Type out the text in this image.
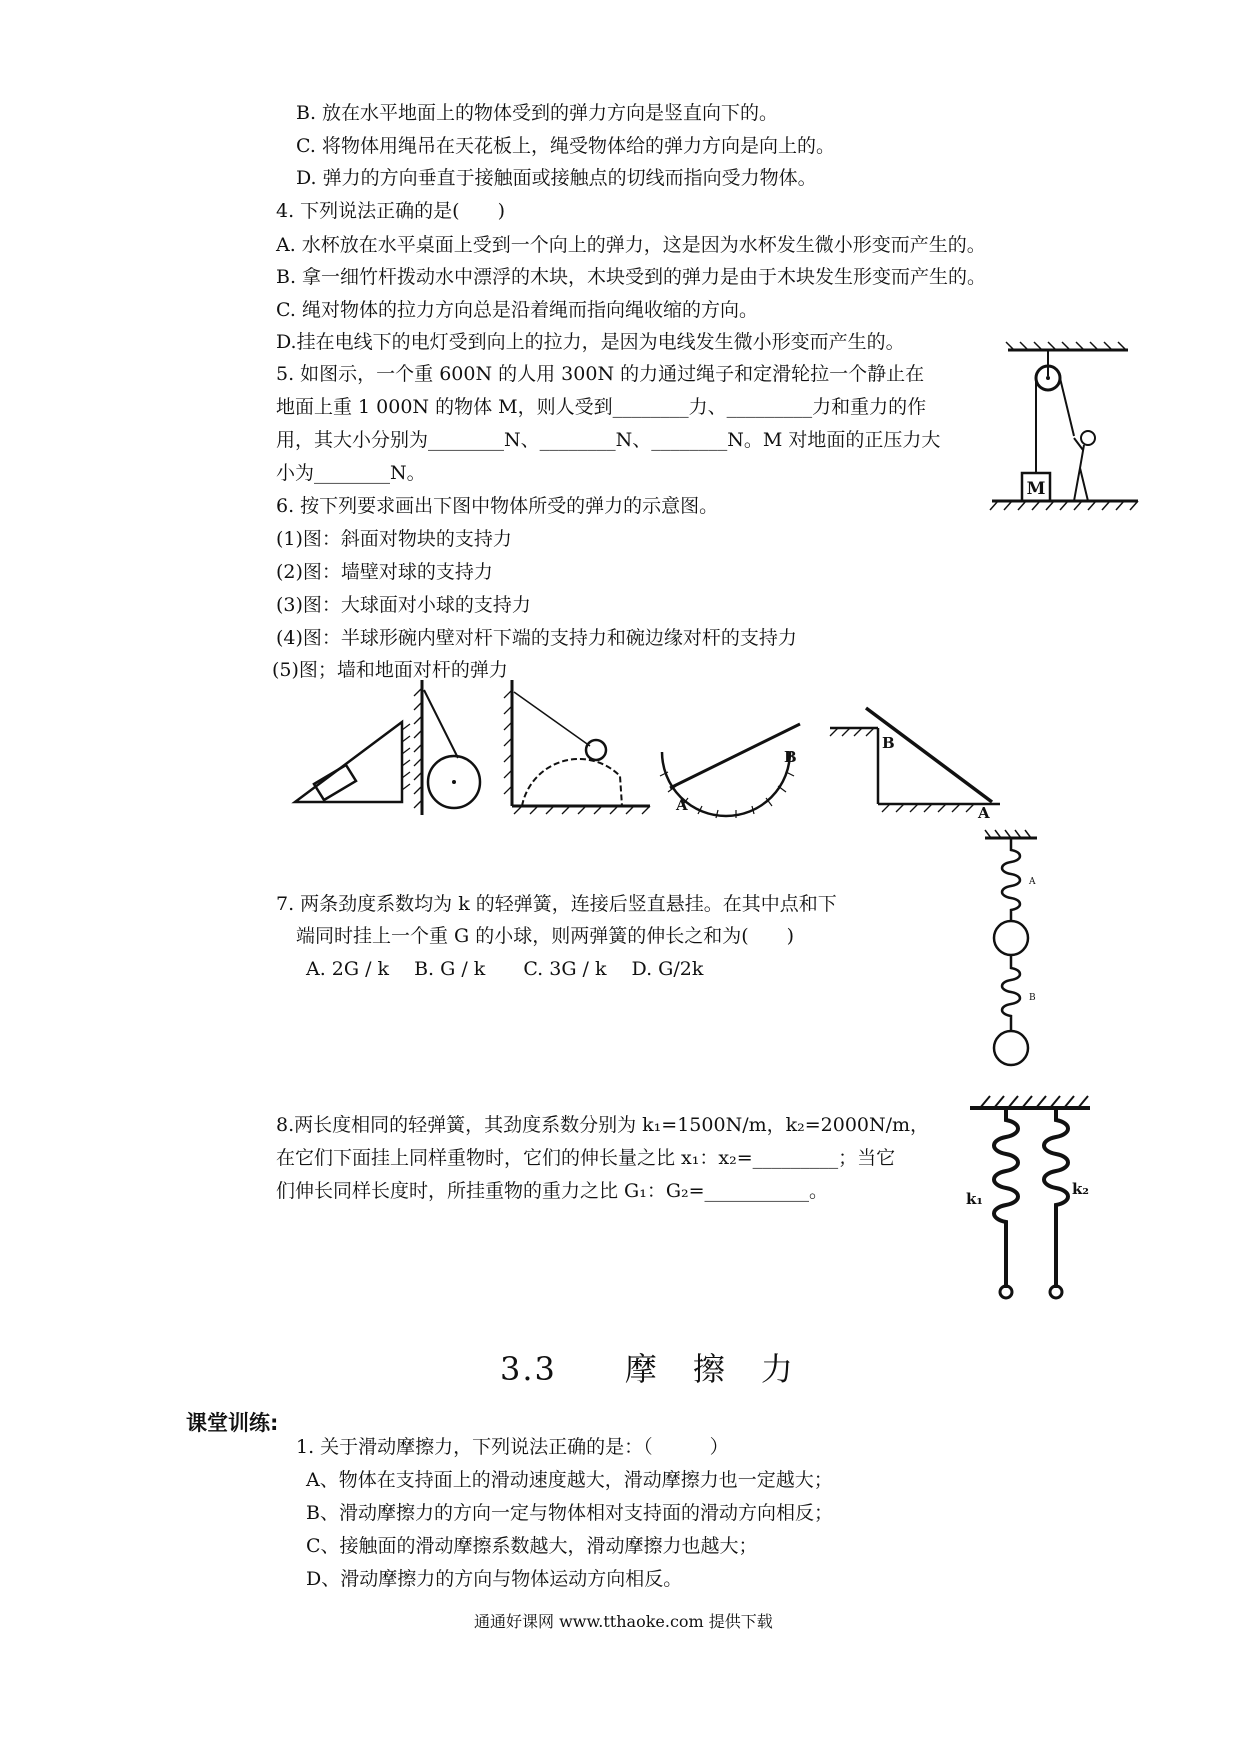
B. 放在水平地面上的物体受到的弹力方向是竖直向下的。
C. 将物体用绳吊在天花板上，绳受物体给的弹力方向是向上的。
D. 弹力的方向垂直于接触面或接触点的切线而指向受力物体。
4. 下列说法正确的是(　　)
A. 水杯放在水平桌面上受到一个向上的弹力，这是因为水杯发生微小形变而产生的。
B. 拿一细竹杆拨动水中漂浮的木块，木块受到的弹力是由于木块发生形变而产生的。
C. 绳对物体的拉力方向总是沿着绳而指向绳收缩的方向。
D.挂在电线下的电灯受到向上的拉力，是因为电线发生微小形变而产生的。
5. 如图示，一个重 600N 的人用 300N 的力通过绳子和定滑轮拉一个静止在
地面上重 1 000N 的物体 M，则人受到________力、_________力和重力的作
用，其大小分别为________N、________N、________N。M 对地面的正压力大
小为________N。
M
6. 按下列要求画出下图中物体所受的弹力的示意图。
(1)图：斜面对物块的支持力
(2)图：墙壁对球的支持力
(3)图：大球面对小球的支持力
(4)图：半球形碗内壁对杆下端的支持力和碗边缘对杆的支持力
(5)图；墙和地面对杆的弹力
A
B
B
A
7. 两条劲度系数均为 k 的轻弹簧，连接后竖直悬挂。在其中点和下
端同时挂上一个重 G 的小球，则两弹簧的伸长之和为(　　)
A. 2G / k　 B. G / k　　C. 3G / k　 D. G/2k
A
B
8.两长度相同的轻弹簧，其劲度系数分别为 k₁=1500N/m，k₂=2000N/m，
在它们下面挂上同样重物时，它们的伸长量之比 x₁：x₂=_________；当它
们伸长同样长度时，所挂重物的重力之比 G₁：G₂=___________。	k₁
k₂
3.3　　摩　擦　力
课堂训练:
1. 关于滑动摩擦力，下列说法正确的是：（　　　）
A、物体在支持面上的滑动速度越大，滑动摩擦力也一定越大；
B、滑动摩擦力的方向一定与物体相对支持面的滑动方向相反；
C、接触面的滑动摩擦系数越大，滑动摩擦力也越大；
D、滑动摩擦力的方向与物体运动方向相反。
通通好课网 www.tthaoke.com 提供下载
